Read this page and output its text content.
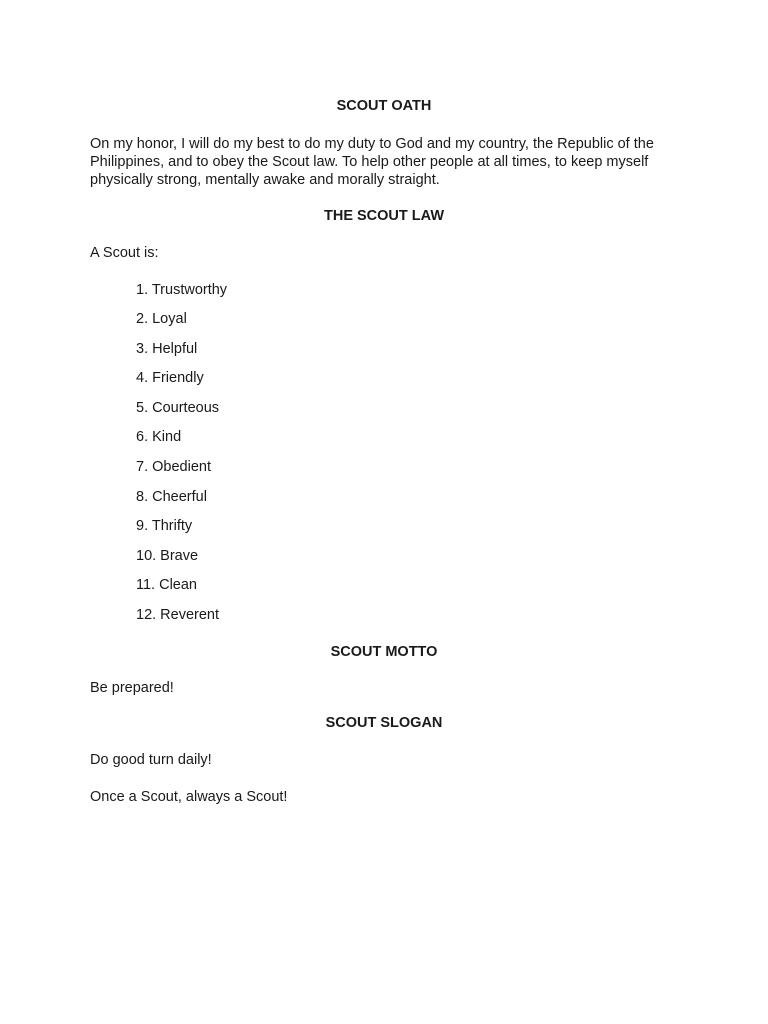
SCOUT OATH
On my honor, I will do my best to do my duty to God and my country, the Republic of the Philippines, and to obey the Scout law. To help other people at all times, to keep myself physically strong, mentally awake and morally straight.
THE SCOUT LAW
A Scout is:
1. Trustworthy
2. Loyal
3. Helpful
4. Friendly
5. Courteous
6. Kind
7. Obedient
8. Cheerful
9. Thrifty
10. Brave
11. Clean
12. Reverent
SCOUT MOTTO
Be prepared!
SCOUT SLOGAN
Do good turn daily!
Once a Scout, always a Scout!
